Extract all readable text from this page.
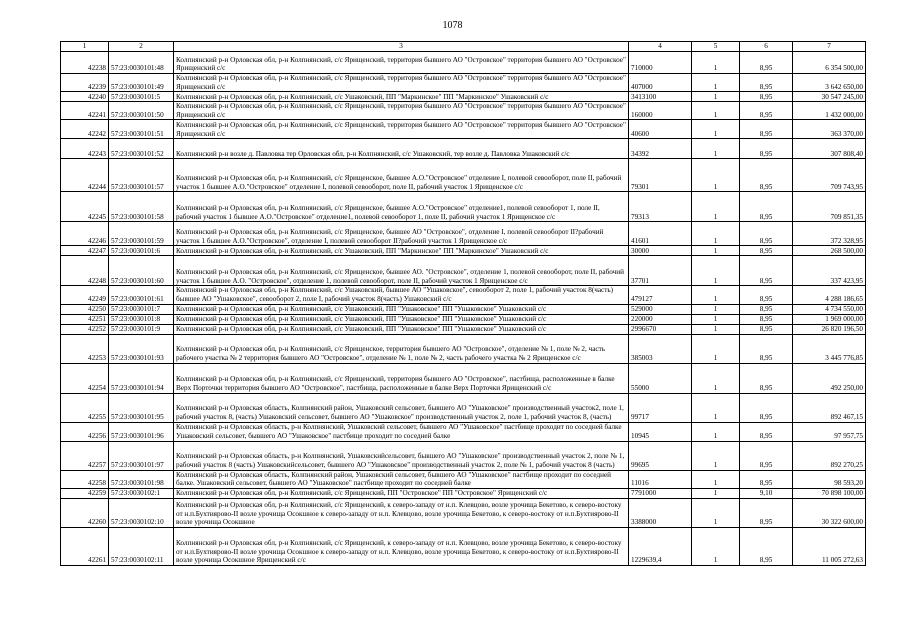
1078
1	2	3	4	5	6	7
42238	57:23:0030101:48	Колпнянский р-н Орловская обл, р-н Колпнянский, с/с Ярищенский, территория бывшего АО "Островское" территория бывшего АО "Островское" Ярищенский с/с	710000	1	8,95	6 354 500,00
42239	57:23:0030101:49	Колпнянский р-н Орловская обл, р-н Колпнянский, с/с Ярищенский, территория бывшего АО "Островское" территория бывшего АО "Островское" Ярищенский с/с	407000	1	8,95	3 642 650,00
42240	57:23:0030101:5	Колпнянский р-н Орловская обл, р-н Колпнянский, с/с Ушаковский, ПП "Маркинское" ПП "Маркинское" Ушаковский с/с	3413100	1	8,95	30 547 245,00
42241	57:23:0030101:50	Колпнянский р-н Орловская обл, р-н Колпнянский, с/с Ярищенский, территория бывшего АО "Островское" территория бывшего АО "Островское" Ярищенский с/с	160000	1	8,95	1 432 000,00
42242	57:23:0030101:51	Колпнянский р-н Орловская обл, р-н Колпнянский, с/с Ярищенский, территория бывшего АО "Островское" территория бывшего АО "Островское" Ярищенский с/с	40600	1	8,95	363 370,00
42243	57:23:0030101:52	Колпнянский р-н возле д. Павловка тер Орловская обл, р-н Колпнянский, с/с Ушаковский, тер возле д. Павловка Ушаковский с/с	34392	1	8,95	307 808,40
42244	57:23:0030101:57	Колпнянский р-н Орловская обл, р-н Колпнянский, с/с Ярищенское, бывшее А.О."Островское" отделение I, полевой севооборот, поле II, рабочий участок 1 бывшее А.О."Островское" отделение I, полевой севооборот, поле II, рабочий участок 1 Ярищенское с/с	79301	1	8,95	709 743,95
42245	57:23:0030101:58	Колпнянский р-н Орловская обл, р-н Колпнянский, с/с Ярищенское, бывшее А.О."Островское" отделение1, полевой севооборот 1, поле II, рабочий участок 1 бывшее А.О."Островское" отделение1, полевой севооборот 1, поле II, рабочий участок 1 Ярищенское с/с	79313	1	8,95	709 851,35
42246	57:23:0030101:59	Колпнянский р-н Орловская обл, р-н Колпнянский, с/с Ярищенское, бывшее АО "Островское", отделение I, полевой севооборот II?рабочий участок 1 бывшее А.О."Островское", отделение I, полевой севооборот II?рабочий участок 1 Ярищенское с/с	41601	1	8,95	372 328,95
42247	57:23:0030101:6	Колпнянский р-н Орловская обл, р-н Колпнянский, с/с Ушаковский, ПП "Маркинское" ПП "Маркинское" Ушаковский с/с	30000	1	8,95	268 500,00
42248	57:23:0030101:60	Колпнянский р-н Орловская обл, р-н Колпнянский, с/с Ярищенское, бывшее АО. "Островское", отделение 1, полевой севооборот, поле II, рабочий участок 1 бывшее А.О. "Островское", отделение 1, полевой севооборот, поле II, рабочий участок 1 Ярищенское с/с	37701	1	8,95	337 423,95
42249	57:23:0030101:61	Колпнянский р-н Орловская обл, р-н Колпнянский, с/с Ушаковский, бывшее АО "Ушаковское", севооборот 2, поле 1, рабочий участок 8(часть) бывшее АО "Ушаковское", севооборот 2, поле I, рабочий участок 8(часть) Ушаковский с/с	479127	1	8,95	4 288 186,65
42250	57:23:0030101:7	Колпнянский р-н Орловская обл, р-н Колпнянский, с/с Ушаковский, ПП "Ушаковское" ПП "Ушаковское" Ушаковский с/с	529000	1	8,95	4 734 550,00
42251	57:23:0030101:8	Колпнянский р-н Орловская обл, р-н Колпнянский, с/с Ушаковский, ПП "Ушаковское" ПП "Ушаковское" Ушаковский с/с	220000	1	8,95	1 969 000,00
42252	57:23:0030101:9	Колпнянский р-н Орловская обл, р-н Колпнянский, с/с Ушаковский, ПП "Ушаковское" ПП "Ушаковское" Ушаковский с/с	2996670	1	8,95	26 820 196,50
42253	57:23:0030101:93	Колпнянский р-н Орловская обл, р-н Колпнянский, с/с Ярищенское, территория бывшего АО "Островское", отделение № 1, поле № 2, часть рабочего участка № 2 территория бывшего АО "Островское", отделение № 1, поле № 2, часть рабочего участка № 2 Ярищенское с/с	385003	1	8,95	3 445 776,85
42254	57:23:0030101:94	Колпнянский р-н Орловская обл, р-н Колпнянский, с/с Ярищенский, территория бывшего АО "Островское", пастбища, расположенные в балке Верх Порточки территория бывшего АО "Островское", пастбища, расположенные в балке Верх Порточки Ярищенский с/с	55000	1	8,95	492 250,00
42255	57:23:0030101:95	Колпнянский р-н Орловская область, Колпнянский район, Ушаковский сельсовет, бывшего АО "Ушаковское" производственный участок2, поле 1, рабочий участок 8, (часть) Ушаковский сельсовет, бывшего АО "Ушаковское" производственный участок 2, поле 1, рабочий участок 8, (часть)	99717	1	8,95	892 467,15
42256	57:23:0030101:96	Колпнянский р-н Орловская область, р-н Колпнянский, Ушаковский сельсовет, бывшего АО "Ушаковское" пастбище проходит по соседней балке Ушаковский сельсовет, бывшего АО "Ушаковское" пастбище проходит по соседней балке	10945	1	8,95	97 957,75
42257	57:23:0030101:97	Колпнянский р-н Орловская область, р-н Колпнянский, Ушаковскийсельсовет, бывшего АО "Ушаковское" производственный участок 2, поле № 1, рабочий участок 8 (часть) Ушаковскийсельсовет, бывшего АО "Ушаковское" производственный участок 2, поле № 1, рабочий участок 8 (часть)	99695	1	8,95	892 270,25
42258	57:23:0030101:98	Колпнянский р-н Орловская область, Колпнянский район, Ушаковский сельсовет, бывшего АО "Ушаковское" пастбище проходит по соседней балке. Ушаковский сельсовет, бывшего АО "Ушаковское" пастбище проходит по соседней балке	11016	1	8,95	98 593,20
42259	57:23:0030102:1	Колпнянский р-н Орловская обл, р-н Колпнянский, с/с Ярищенский, ПП "Островское" ПП "Островское" Ярищенский с/с	7791000	1	9,10	70 898 100,00
42260	57:23:0030102:10	Колпнянский р-н Орловская обл, р-н Колпнянский, с/с Ярищенский, к северо-западу от н.п. Клевцово, возле урочища Бекетово, к северо-востоку от н.п.Бухтиярово-II возле урочища Осокшное к северо-западу от н.п. Клевцово, возле урочища Бекетово, к северо-востоку от н.п.Бухтиярово-II возле урочища Осокшное	3388000	1	8,95	30 322 600,00
42261	57:23:0030102:11	Колпнянский р-н Орловская обл, р-н Колпнянский, с/с Ярищенский, к северо-западу от н.п. Клевцово, возле урочища Бекетово, к северо-востоку от н.п.Бухтиярово-II возле урочища Осокшное к северо-западу от н.п. Клевцово, возле урочища Бекетово, к северо-востоку от н.п.Бухтиярово-II возле урочища Осокшное Ярищенский с/с	1229639,4	1	8,95	11 005 272,63
